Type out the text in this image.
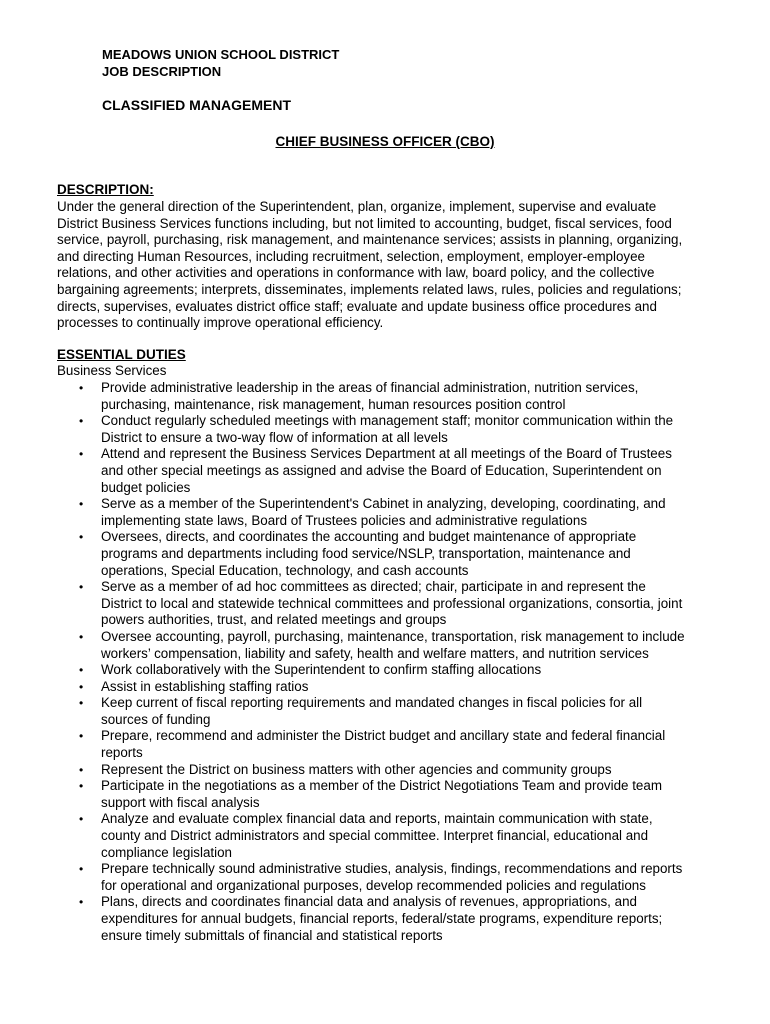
MEADOWS UNION SCHOOL DISTRICT
JOB DESCRIPTION
CLASSIFIED MANAGEMENT
CHIEF BUSINESS OFFICER (CBO)
DESCRIPTION:
Under the general direction of the Superintendent, plan, organize, implement, supervise and evaluate
District Business Services functions including, but not limited to accounting, budget, fiscal services, food
service, payroll, purchasing, risk management, and maintenance services; assists in planning, organizing,
and directing Human Resources, including recruitment, selection, employment, employer-employee
relations, and other activities and operations in conformance with law, board policy, and the collective
bargaining agreements; interprets, disseminates, implements related laws, rules, policies and regulations;
directs, supervises, evaluates district office staff; evaluate and update business office procedures and
processes to continually improve operational efficiency.
ESSENTIAL DUTIES
Business Services
• Provide administrative leadership in the areas of financial administration, nutrition services,
purchasing, maintenance, risk management, human resources position control
• Conduct regularly scheduled meetings with management staff; monitor communication within the
District to ensure a two-way flow of information at all levels
• Attend and represent the Business Services Department at all meetings of the Board of Trustees
and other special meetings as assigned and advise the Board of Education, Superintendent on
budget policies
• Serve as a member of the Superintendent's Cabinet in analyzing, developing, coordinating, and
implementing state laws, Board of Trustees policies and administrative regulations
• Oversees, directs, and coordinates the accounting and budget maintenance of appropriate
programs and departments including food service/NSLP, transportation, maintenance and
operations, Special Education, technology, and cash accounts
• Serve as a member of ad hoc committees as directed; chair, participate in and represent the
District to local and statewide technical committees and professional organizations, consortia, joint
powers authorities, trust, and related meetings and groups
• Oversee accounting, payroll, purchasing, maintenance, transportation, risk management to include
workers’ compensation, liability and safety, health and welfare matters, and nutrition services
• Work collaboratively with the Superintendent to confirm staffing allocations
• Assist in establishing staffing ratios
• Keep current of fiscal reporting requirements and mandated changes in fiscal policies for all
sources of funding
• Prepare, recommend and administer the District budget and ancillary state and federal financial
reports
• Represent the District on business matters with other agencies and community groups
• Participate in the negotiations as a member of the District Negotiations Team and provide team
support with fiscal analysis
• Analyze and evaluate complex financial data and reports, maintain communication with state,
county and District administrators and special committee. Interpret financial, educational and
compliance legislation
• Prepare technically sound administrative studies, analysis, findings, recommendations and reports
for operational and organizational purposes, develop recommended policies and regulations
• Plans, directs and coordinates financial data and analysis of revenues, appropriations, and
expenditures for annual budgets, financial reports, federal/state programs, expenditure reports;
ensure timely submittals of financial and statistical reports
